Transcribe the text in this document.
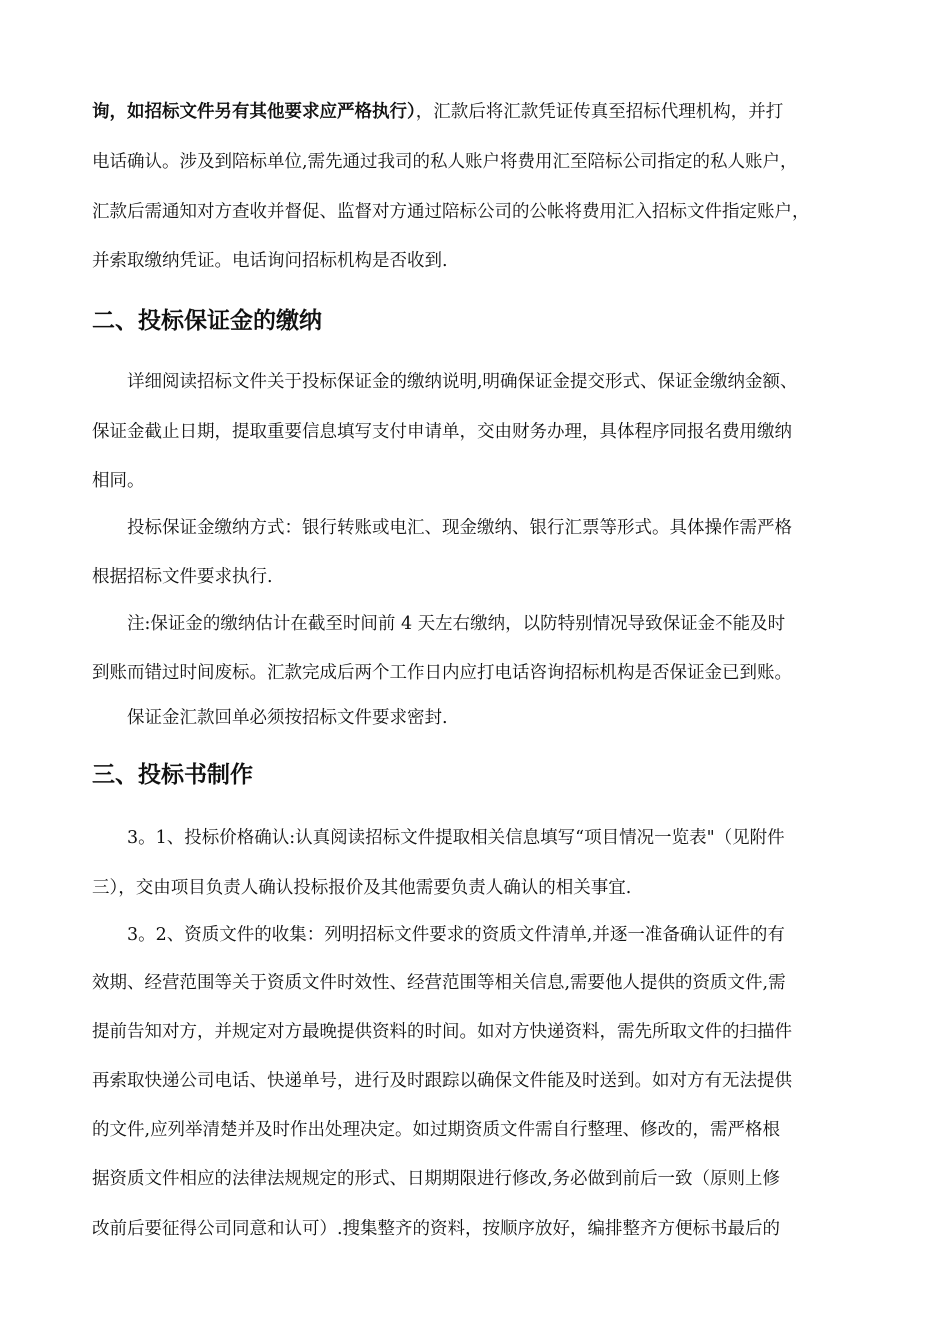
询，如招标文件另有其他要求应严格执行），汇款后将汇款凭证传真至招标代理机构，并打
电话确认。涉及到陪标单位,需先通过我司的私人账户将费用汇至陪标公司指定的私人账户，
汇款后需通知对方查收并督促、监督对方通过陪标公司的公帐将费用汇入招标文件指定账户，
并索取缴纳凭证。电话询问招标机构是否收到.
二、投标保证金的缴纳
详细阅读招标文件关于投标保证金的缴纳说明,明确保证金提交形式、保证金缴纳金额、
保证金截止日期，提取重要信息填写支付申请单，交由财务办理，具体程序同报名费用缴纳
相同。
投标保证金缴纳方式：银行转账或电汇、现金缴纳、银行汇票等形式。具体操作需严格
根据招标文件要求执行.
注:保证金的缴纳估计在截至时间前 4 天左右缴纳，以防特别情况导致保证金不能及时
到账而错过时间废标。汇款完成后两个工作日内应打电话咨询招标机构是否保证金已到账。
保证金汇款回单必须按招标文件要求密封.
三、投标书制作
3。1、投标价格确认:认真阅读招标文件提取相关信息填写“项目情况一览表"（见附件
三），交由项目负责人确认投标报价及其他需要负责人确认的相关事宜.
3。2、资质文件的收集：列明招标文件要求的资质文件清单,并逐一准备确认证件的有
效期、经营范围等关于资质文件时效性、经营范围等相关信息,需要他人提供的资质文件,需
提前告知对方，并规定对方最晚提供资料的时间。如对方快递资料，需先所取文件的扫描件
再索取快递公司电话、快递单号，进行及时跟踪以确保文件能及时送到。如对方有无法提供
的文件,应列举清楚并及时作出处理决定。如过期资质文件需自行整理、修改的，需严格根
据资质文件相应的法律法规规定的形式、日期期限进行修改,务必做到前后一致（原则上修
改前后要征得公司同意和认可）.搜集整齐的资料，按顺序放好，编排整齐方便标书最后的
